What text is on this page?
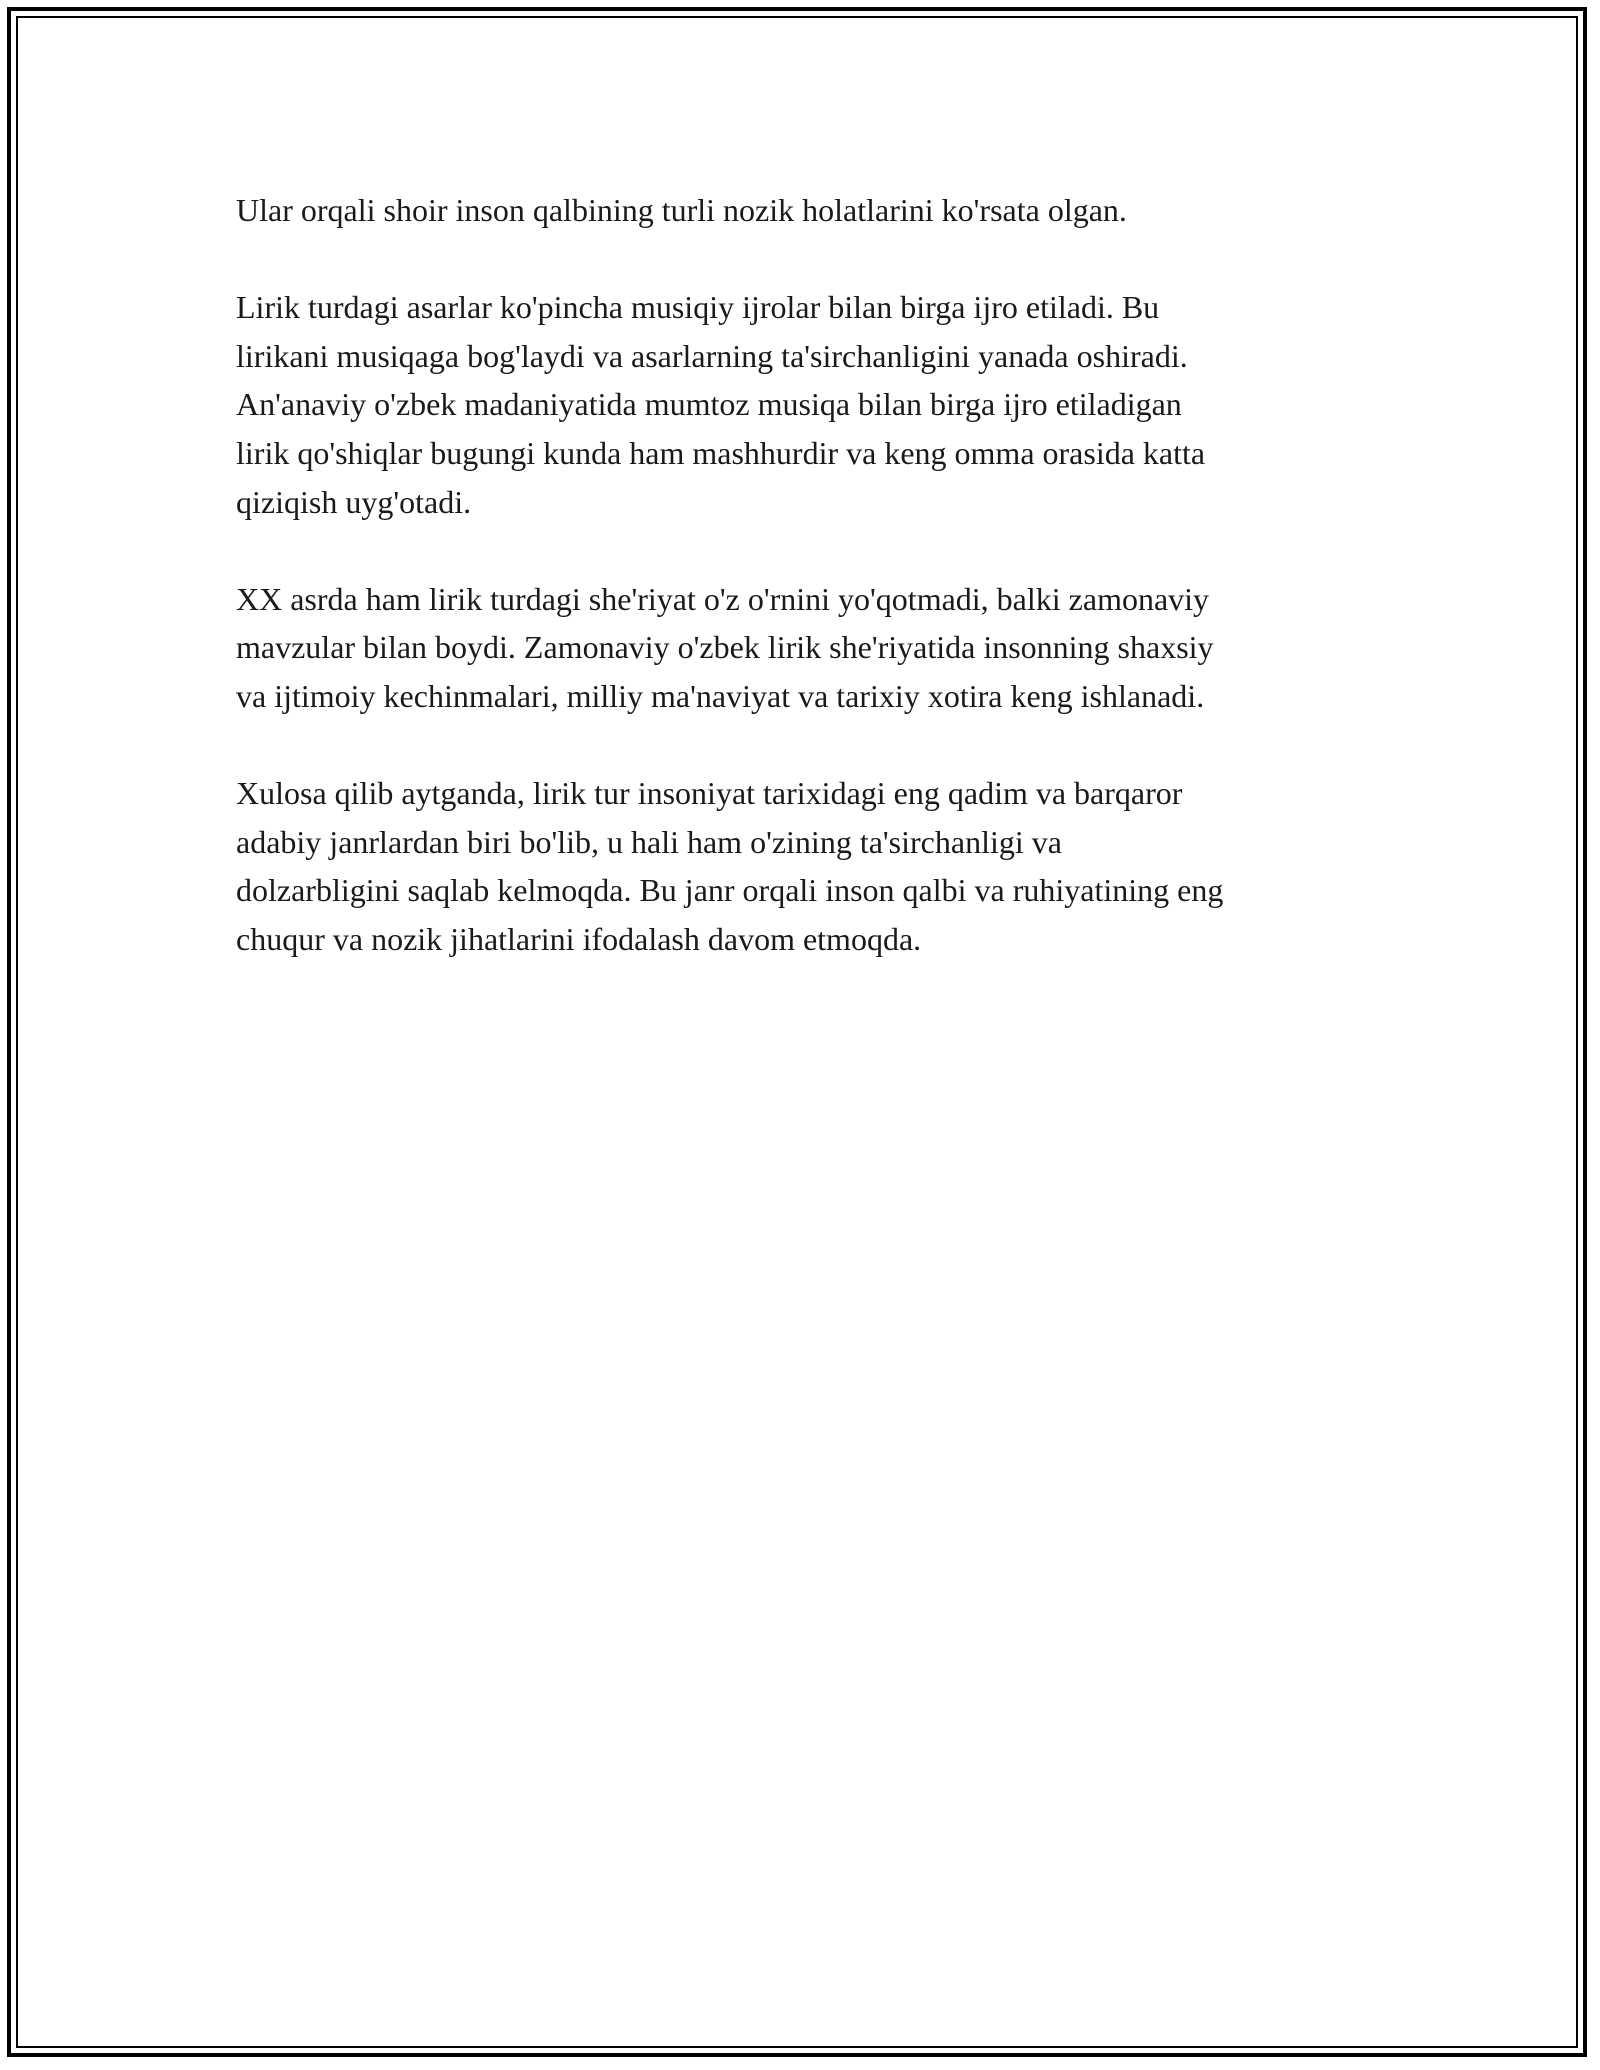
Ular orqali shoir inson qalbining turli nozik holatlarini ko'rsata olgan.

Lirik turdagi asarlar ko'pincha musiqiy ijrolar bilan birga ijro etiladi. Bu
lirikani musiqaga bog'laydi va asarlarning ta'sirchanligini yanada oshiradi.
An'anaviy o'zbek madaniyatida mumtoz musiqa bilan birga ijro etiladigan
lirik qo'shiqlar bugungi kunda ham mashhurdir va keng omma orasida katta
qiziqish uyg'otadi.

XX asrda ham lirik turdagi she'riyat o'z o'rnini yo'qotmadi, balki zamonaviy
mavzular bilan boydi. Zamonaviy o'zbek lirik she'riyatida insonning shaxsiy
va ijtimoiy kechinmalari, milliy ma'naviyat va tarixiy xotira keng ishlanadi.

Xulosa qilib aytganda, lirik tur insoniyat tarixidagi eng qadim va barqaror
adabiy janrlardan biri bo'lib, u hali ham o'zining ta'sirchanligi va
dolzarbligini saqlab kelmoqda. Bu janr orqali inson qalbi va ruhiyatining eng
chuqur va nozik jihatlarini ifodalash davom etmoqda.
